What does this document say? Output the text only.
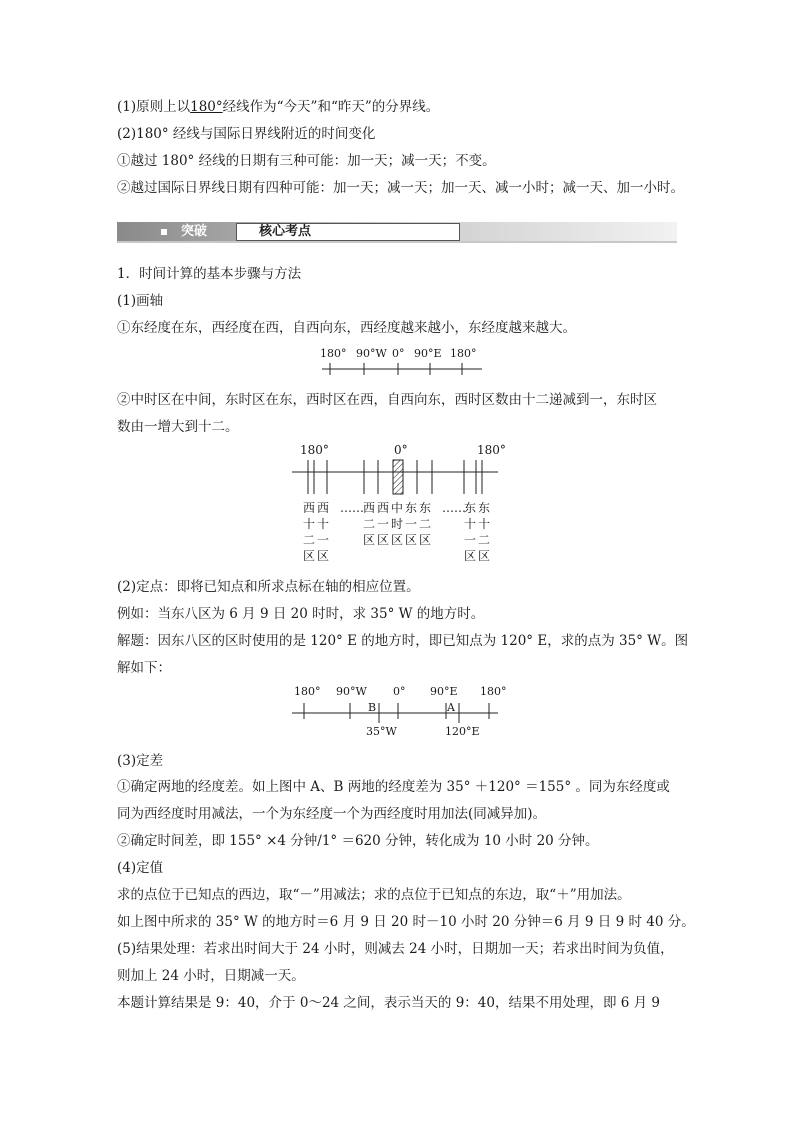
(1)原则上以180°经线作为“今天”和“昨天”的分界线。
(2)180° 经线与国际日界线附近的时间变化
①越过 180° 经线的日期有三种可能：加一天；减一天；不变。
②越过国际日界线日期有四种可能：加一天；减一天；加一天、减一小时；减一天、加一小时。
突破	核心考点
1．时间计算的基本步骤与方法
(1)画轴
①东经度在东，西经度在西，自西向东，西经度越来越小，东经度越来越大。
180° 90°W 0° 90°E 180°
②中时区在中间，东时区在东，西时区在西，自西向东，西时区数由十二递减到一，东时区
数由一增大到十二。
180°	0°	180°
……	……
西
十
二
区
西
十
一
区
西
二
区
西
一
区
中
时
区
东
一
区
东
二
区
东
十
一
区
东
十
二
区
(2)定点：即将已知点和所求点标在轴的相应位置。
例如：当东八区为 6 月 9 日 20 时时，求 35° W 的地方时。
解题：因东八区的区时使用的是 120° E 的地方时，即已知点为 120° E，求的点为 35° W。图
解如下：
180° 90°W 0° 90°E 180°
B	A
35°W	120°E
(3)定差
①确定两地的经度差。如上图中 A、B 两地的经度差为 35° ＋120° ＝155° 。同为东经度或
同为西经度时用减法，一个为东经度一个为西经度时用加法(同减异加)。
②确定时间差，即 155° ×4 分钟/1° ＝620 分钟，转化成为 10 小时 20 分钟。
(4)定值
求的点位于已知点的西边，取“－”用减法；求的点位于已知点的东边，取“＋”用加法。
如上图中所求的 35° W 的地方时＝6 月 9 日 20 时－10 小时 20 分钟＝6 月 9 日 9 时 40 分。
(5)结果处理：若求出时间大于 24 小时，则减去 24 小时，日期加一天；若求出时间为负值，
则加上 24 小时，日期减一天。
本题计算结果是 9：40，介于 0～24 之间，表示当天的 9：40，结果不用处理，即 6 月 9
